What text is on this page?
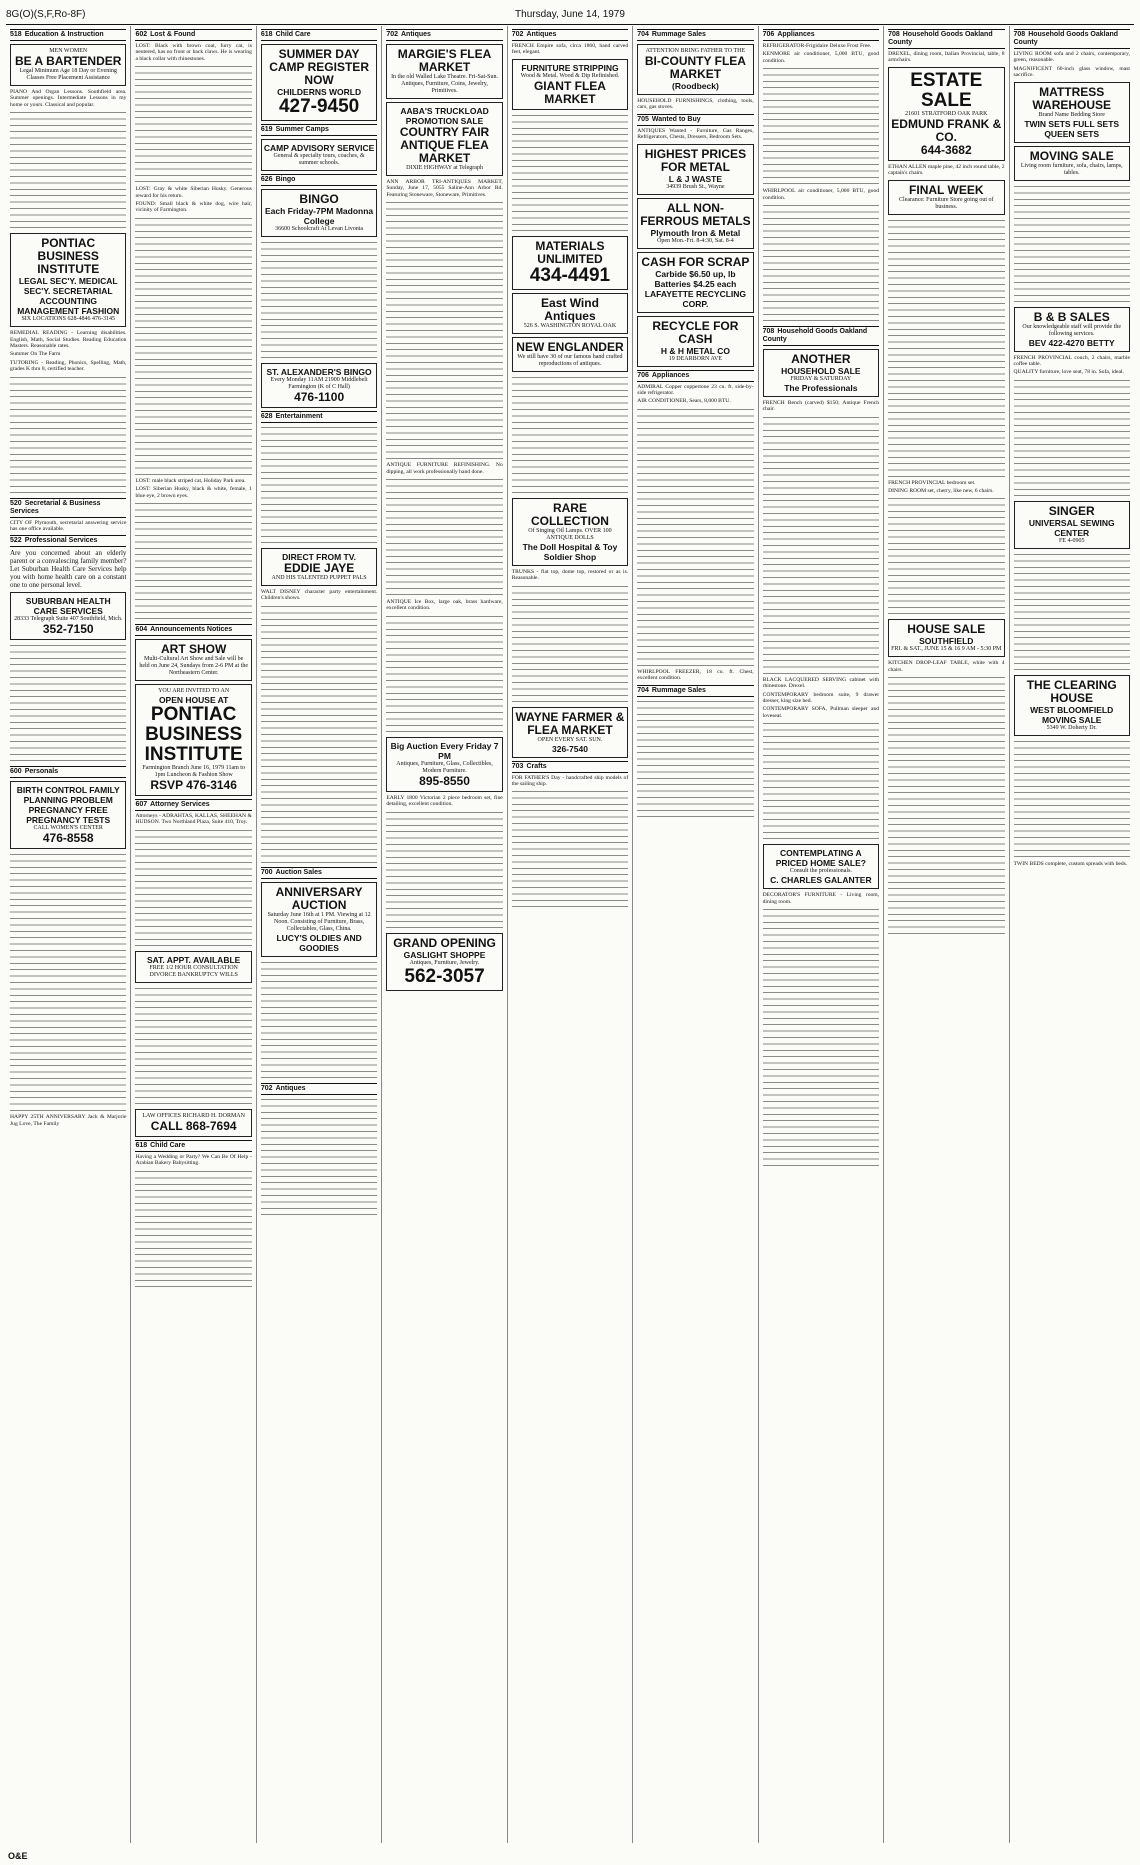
8G(O)(S,F,Ro-8F)	Thursday, June 14, 1979
518 Education & Instruction
MEN WOMEN
BE A BARTENDER
Legal Minimum Age 18 Day or Evening Classes Free Placement Assistance
PIANO And Organ Lessons. Southfield area. Summer openings. Intermediate Lessons in my home or yours. Classical and popular.
PONTIAC BUSINESS INSTITUTE
LEGAL SEC'Y. MEDICAL SEC'Y. SECRETARIAL ACCOUNTING MANAGEMENT FASHION
SIX LOCATIONS 628-4846 476-3145
REMEDIAL READING - Learning disabilities. English, Math, Social Studies. Reading Education Masters. Reasonable rates.
Summer On The Farm
TUTORING - Reading, Phonics, Spelling, Math, grades K thru 8, certified teacher.
520 Secretarial & Business Services
CITY OF Plymouth, secretarial answering service has one office available.
522 Professional Services
Are you concerned about an elderly parent or a convalescing family member? Let Suburban Health Care Services help you with home health care on a constant one to one personal level.
SUBURBAN HEALTH CARE SERVICES
28333 Telegraph Suite 407 Southfield, Mich.
352-7150
600 Personals
BIRTH CONTROL FAMILY PLANNING PROBLEM PREGNANCY FREE PREGNANCY TESTS
CALL WOMEN'S CENTER
476-8558
HAPPY 25TH ANNIVERSARY Jack & Marjorie Jug Love, The Family
602 Lost & Found
LOST: Black with brown coat, furry cat, is neutered, has no front or back claws. He is wearing a black collar with rhinestones.
LOST: Gray & white Siberian Husky. Generous reward for his return.
FOUND: Small black & white dog, wire hair, vicinity of Farmington.
LOST: male black striped cat, Holiday Park area.
LOST: Siberian Husky, black & white, female, 1 blue eye, 2 brown eyes.
604 Announcements Notices
ART SHOW
Multi-Cultural Art Show and Sale will be held on June 24, Sundays from 2-6 PM at the Northeastern Center.
YOU ARE INVITED TO AN
OPEN HOUSE AT
PONTIAC BUSINESS INSTITUTE
Farmington Branch June 16, 1979 11am to 1pm Luncheon & Fashion Show
RSVP 476-3146
607 Attorney Services
Attorneys - ADRAHTAS, KALLAS, SHEEHAN & HUDSON. Two Northland Plaza, Suite 410, Troy.
SAT. APPT. AVAILABLE
FREE 1/2 HOUR CONSULTATION DIVORCE BANKRUPTCY WILLS
LAW OFFICES RICHARD H. DORMAN
CALL 868-7694
618 Child Care
Having a Wedding or Party? We Can Be Of Help - Arabian Bakery Babysitting.
618 Child Care
SUMMER DAY CAMP REGISTER NOW
CHILDERNS WORLD
427-9450
619 Summer Camps
CAMP ADVISORY SERVICE
General & specialty tours, coaches, & summer schools.
626 Bingo
BINGO
Each Friday-7PM Madonna College
36600 Schoolcraft At Levan Livonia
ST. ALEXANDER'S BINGO
Every Monday 11AM 21900 Middlebelt Farmington (K of C Hall)
476-1100
628 Entertainment
DIRECT FROM TV.
EDDIE JAYE
AND HIS TALENTED PUPPET PALS
WALT DISNEY character party entertainment. Children's shows.
700 Auction Sales
ANNIVERSARY AUCTION
Saturday June 16th at 1 PM. Viewing at 12 Noon. Consisting of Furniture, Brass, Collectables, Glass, China.
LUCY'S OLDIES AND GOODIES
702 Antiques
702 Antiques
MARGIE'S FLEA MARKET
In the old Walled Lake Theatre. Fri-Sat-Sun. Antiques, Furniture, Coins, Jewelry, Primitives.
AABA'S TRUCKLOAD PROMOTION SALE
COUNTRY FAIR ANTIQUE FLEA MARKET
DIXIE HIGHWAY at Telegraph
ANN ARBOR TRI-ANTIQUES MARKET, Sunday, June 17, 5055 Saline-Ann Arbor Rd. Featuring Stoneware, Stoneware, Primitives.
ANTIQUE FURNITURE REFINISHING. No dipping, all work professionally hand done.
ANTIQUE Ice Box, large oak, brass hardware, excellent condition.
Big Auction Every Friday 7 PM
Antiques, Furniture, Glass, Collectibles, Modern Furniture.
895-8550
EARLY 1800 Victorian 2 piece bedroom set, fine detailing, excellent condition.
GRAND OPENING
GASLIGHT SHOPPE
Antiques, Furniture, Jewelry.
562-3057
702 Antiques
FRENCH Empire sofa, circa 1860, hand carved feet, elegant.
FURNITURE STRIPPING
Wood & Metal. Wood & Dip Refinished.
GIANT FLEA MARKET
MATERIALS UNLIMITED
434-4491
East Wind Antiques
526 S. WASHINGTON ROYAL OAK
NEW ENGLANDER
We still have 30 of our famous hand crafted reproductions of antiques.
RARE COLLECTION
Of Singing Oil Lamps. OVER 100 ANTIQUE DOLLS
The Doll Hospital & Toy Soldier Shop
TRUNKS - flat top, dome top, restored or as is. Reasonable.
WAYNE FARMER & FLEA MARKET
OPEN EVERY SAT. SUN.
326-7540
703 Crafts
FOR FATHER'S Day - handcrafted ship models of the sailing ship.
704 Rummage Sales
ATTENTION BRING FATHER TO THE
BI-COUNTY FLEA MARKET
(Roodbeck)
HOUSEHOLD FURNISHINGS, clothing, tools, cars, gas stoves.
705 Wanted to Buy
ANTIQUES Wanted - Furniture, Gas Ranges, Refrigerators, Chests, Dressers, Bedroom Sets.
HIGHEST PRICES FOR METAL
L & J WASTE
34939 Brush St., Wayne
ALL NON-FERROUS METALS
Plymouth Iron & Metal
Open Mon.-Fri. 8-4:30, Sat. 8-4
CASH FOR SCRAP
Carbide $6.50 up, lb Batteries $4.25 each
LAFAYETTE RECYCLING CORP.
RECYCLE FOR CASH
H & H METAL CO
19 DEARBORN AVE
706 Appliances
ADMIRAL Copper coppertone 23 cu. ft. side-by-side refrigerator.
AIR CONDITIONER, Sears, 8,000 BTU.
WHIRLPOOL FREEZER, 18 cu. ft. Chest, excellent condition.
704 Rummage Sales
706 Appliances
REFRIGERATOR-Frigidaire Deluxe Frost Free.
KENMORE air conditioner, 5,000 BTU, good condition.
WHIRLPOOL air conditioner, 5,000 BTU, good condition.
708 Household Goods Oakland County
ANOTHER
HOUSEHOLD SALE
FRIDAY & SATURDAY
The Professionals
FRENCH Bench (carved) $150; Antique French chair.
BLACK LACQUERED SERVING cabinet with rhinestone. Drexel.
CONTEMPORARY bedroom suite, 9 drawer dresser, king size bed.
CONTEMPORARY SOFA, Pullman sleeper and loveseat.
CONTEMPLATING A PRICED HOME SALE?
Consult the professionals.
C. CHARLES GALANTER
DECORATOR'S FURNITURE - Living room, dining room.
708 Household Goods Oakland County
DREXEL, dining room, Italian Provincial, table, 8 armchairs.
ESTATE SALE
21601 STRATFORD OAK PARK
EDMUND FRANK & CO.
644-3682
ETHAN ALLEN maple pine, 42 inch round table, 2 captain's chairs.
FINAL WEEK
Clearance: Furniture Store going out of business.
FRENCH PROVINCIAL bedroom set.
DINING ROOM set, cherry, like new, 6 chairs.
HOUSE SALE
SOUTHFIELD
FRI. & SAT., JUNE 15 & 16 9 AM - 5:30 PM
KITCHEN DROP-LEAF TABLE, white with 4 chairs.
708 Household Goods Oakland County
LIVING ROOM sofa and 2 chairs, contemporary, green, reasonable.
MAGNIFICENT 60-inch glass window, mast sacrifice.
MATTRESS WAREHOUSE
Brand Name Bedding Store
TWIN SETS FULL SETS QUEEN SETS
MOVING SALE
Living room furniture, sofa, chairs, lamps, tables.
B & B SALES
Our knowledgeable staff will provide the following services.
BEV 422-4270 BETTY
FRENCH PROVINCIAL couch, 2 chairs, marble coffee table.
QUALITY furniture, love seat, 78 in. Sofa, ideal.
SINGER
UNIVERSAL SEWING CENTER
FE 4-0905
THE CLEARING HOUSE
WEST BLOOMFIELD MOVING SALE
5349 W. Doherty Dr.
TWIN BEDS complete, custom spreads with beds.
O&E
